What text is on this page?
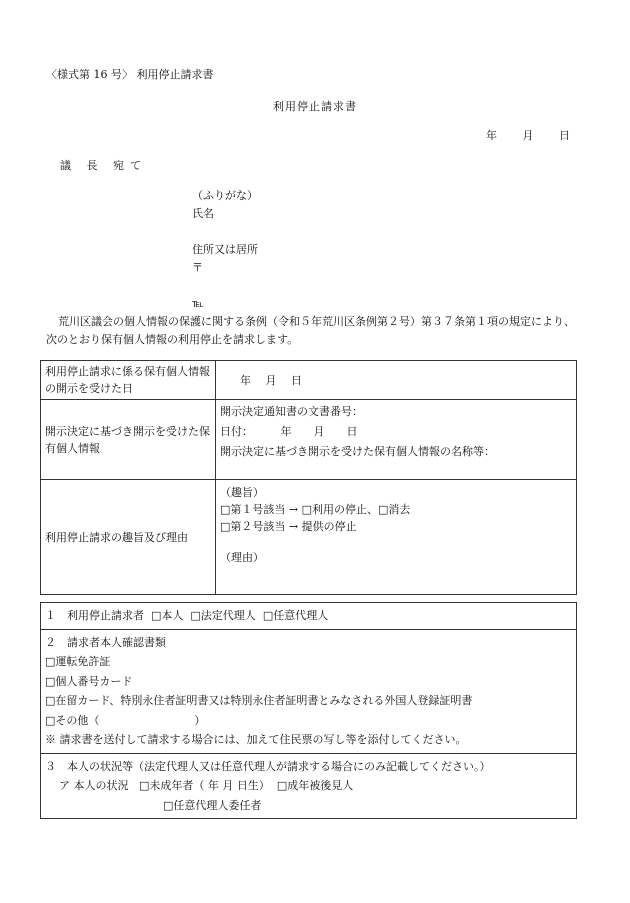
〈様式第 16 号〉 利用停止請求書
利用停止請求書
年 月 日
議 長 宛て
（ふりがな）
氏名
住所又は居所
〒
℡
荒川区議会の個人情報の保護に関する条例（令和５年荒川区条例第２号）第３７条第１項の規定により、次のとおり保有個人情報の利用停止を請求します。
利用停止請求に係る保有個人情報の開示を受けた日	年　 月　 日
開示決定に基づき開示を受けた保有個人情報	開示決定通知書の文書番号：
日付：　　　年　　月　　日
開示決定に基づき開示を受けた保有個人情報の名称等：

利用停止請求の趣旨及び理由	（趣旨）
□第１号該当 → □利用の停止、□消去
□第２号該当 → 提供の停止
（理由）
１　利用停止請求者 □本人 □法定代理人 □任意代理人

２　請求者本人確認書類
□運転免許証
□個人番号カード
□在留カード、特別永住者証明書又は特別永住者証明書とみなされる外国人登録証明書
□その他（	）
※ 請求書を送付して請求する場合には、加えて住民票の写し等を添付してください。

３　本人の状況等（法定代理人又は任意代理人が請求する場合にのみ記載してください。）
ア 本人の状況 □未成年者（ 年 月 日生） □成年被後見人
□任意代理人委任者
